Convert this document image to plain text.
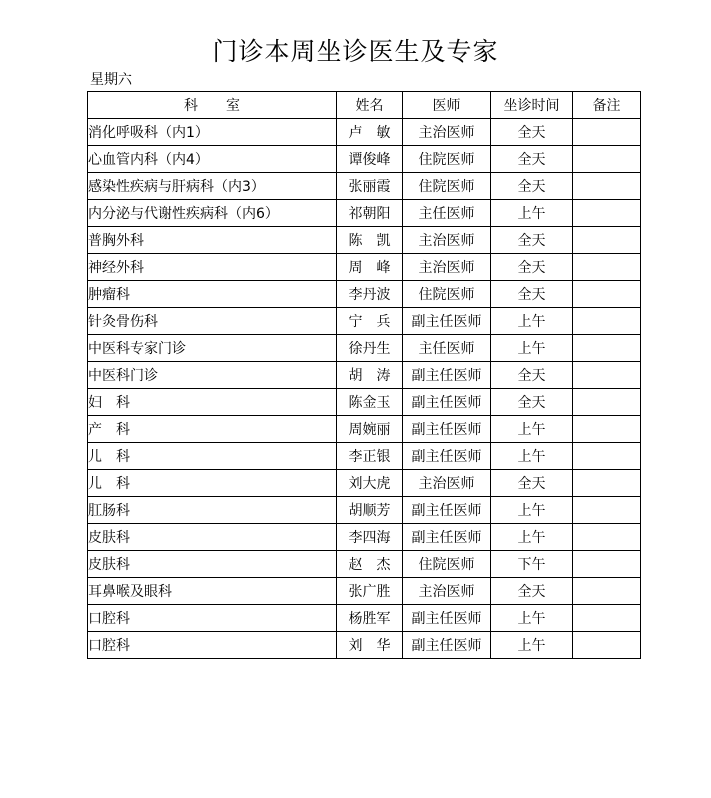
门诊本周坐诊医生及专家
星期六
科　　室	姓名	医师	坐诊时间	备注
消化呼吸科（内1）	卢　敏	主治医师	全天	
心血管内科（内4）	谭俊峰	住院医师	全天	
感染性疾病与肝病科（内3）	张丽霞	住院医师	全天	
内分泌与代谢性疾病科（内6）	祁朝阳	主任医师	上午	
普胸外科	陈　凯	主治医师	全天	
神经外科	周　峰	主治医师	全天	
肿瘤科	李丹波	住院医师	全天	
针灸骨伤科	宁　兵	副主任医师	上午	
中医科专家门诊	徐丹生	主任医师	上午	
中医科门诊	胡　涛	副主任医师	全天	
妇　科	陈金玉	副主任医师	全天	
产　科	周婉丽	副主任医师	上午	
儿　科	李正银	副主任医师	上午	
儿　科	刘大虎	主治医师	全天	
肛肠科	胡顺芳	副主任医师	上午	
皮肤科	李四海	副主任医师	上午	
皮肤科	赵　杰	住院医师	下午	
耳鼻喉及眼科	张广胜	主治医师	全天	
口腔科	杨胜军	副主任医师	上午	
口腔科	刘　华	副主任医师	上午	
